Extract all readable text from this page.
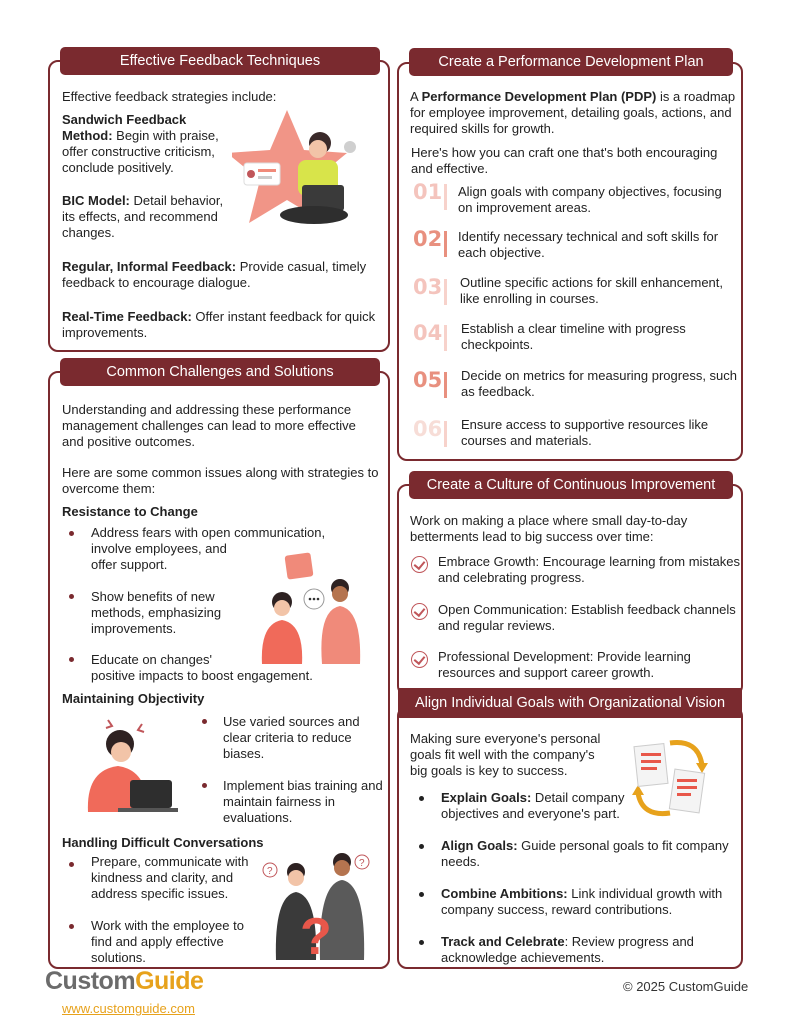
Effective Feedback Techniques
Effective feedback strategies include:
Sandwich Feedback
Method: Begin with praise,
offer constructive criticism,
conclude positively.
BIC Model: Detail behavior,
its effects, and recommend
changes.
Regular, Informal Feedback: Provide casual, timely
feedback to encourage dialogue.
Real-Time Feedback: Offer instant feedback for quick
improvements.
Common Challenges and Solutions
Understanding and addressing these performance
management challenges can lead to more effective
and positive outcomes.
Here are some common issues along with strategies to
overcome them:
Resistance to Change
Address fears with open communication,
involve employees, and
offer support.
Show benefits of new
methods, emphasizing
improvements.
Educate on changes'
positive impacts to boost engagement.
Maintaining Objectivity
Use varied sources and
clear criteria to reduce
biases.
Implement bias training and
maintain fairness in
evaluations.
Handling Difficult Conversations
Prepare, communicate with
kindness and clarity, and
address specific issues.
Work with the employee to
find and apply effective
solutions.
?
?
?
Create a Performance Development Plan
A Performance Development Plan (PDP) is a roadmap
for employee improvement, detailing goals, actions, and
required skills for growth.
Here's how you can craft one that's both encouraging
and effective.
01 Align goals with company objectives, focusing
on improvement areas.
02 Identify necessary technical and soft skills for
each objective.
03 Outline specific actions for skill enhancement,
like enrolling in courses.
04 Establish a clear timeline with progress
checkpoints.
05 Decide on metrics for measuring progress, such
as feedback.
06 Ensure access to supportive resources like
courses and materials.
Create a Culture of Continuous Improvement
Work on making a place where small day-to-day
betterments lead to big success over time:
Embrace Growth: Encourage learning from mistakes
and celebrating progress.
Open Communication: Establish feedback channels
and regular reviews.
Professional Development: Provide learning
resources and support career growth.
Align Individual Goals with Organizational Vision
Making sure everyone's personal
goals fit well with the company's
big goals is key to success.
Explain Goals: Detail company
objectives and everyone's part.
Align Goals: Guide personal goals to fit company
needs.
Combine Ambitions: Link individual growth with
company success, reward contributions.
Track and Celebrate: Review progress and
acknowledge achievements.
CustomGuide
www.customguide.com
© 2025 CustomGuide
